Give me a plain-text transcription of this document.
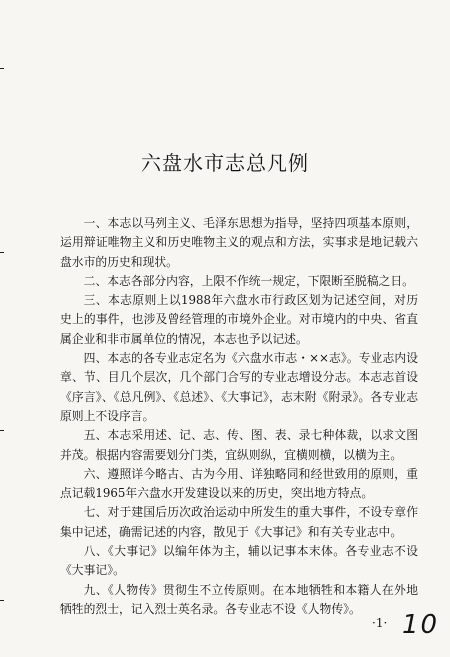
六盘水市志总凡例

一、本志以马列主义、毛泽东思想为指导，坚持四项基本原则，运用辩证唯物主义和历史唯物主义的观点和方法，实事求是地记载六盘水市的历史和现状。

二、本志各部分内容，上限不作统一规定，下限断至脱稿之日。

三、本志原则上以1988年六盘水市行政区划为记述空间，对历史上的事件，也涉及曾经管理的市境外企业。对市境内的中央、省直属企业和非市属单位的情况，本志也予以记述。

四、本志的各专业志定名为《六盘水市志・××志》。专业志内设章、节、目几个层次，几个部门合写的专业志增设分志。本志志首设《序言》、《总凡例》、《总述》、《大事记》，志末附《附录》。各专业志原则上不设序言。

五、本志采用述、记、志、传、图、表、录七种体裁，以求文图并茂。根据内容需要划分门类，宜纵则纵，宜横则横，以横为主。

六、遵照详今略古、古为今用、详独略同和经世致用的原则，重点记载1965年六盘水开发建设以来的历史，突出地方特点。

七、对于建国后历次政治运动中所发生的重大事件，不设专章作集中记述，确需记述的内容，散见于《大事记》和有关专业志中。

八、《大事记》以编年体为主，辅以记事本末体。各专业志不设《大事记》。

九、《人物传》贯彻生不立传原则。在本地牺牲和本籍人在外地牺牲的烈士，记入烈士英名录。各专业志不设《人物传》。

·1· 10
